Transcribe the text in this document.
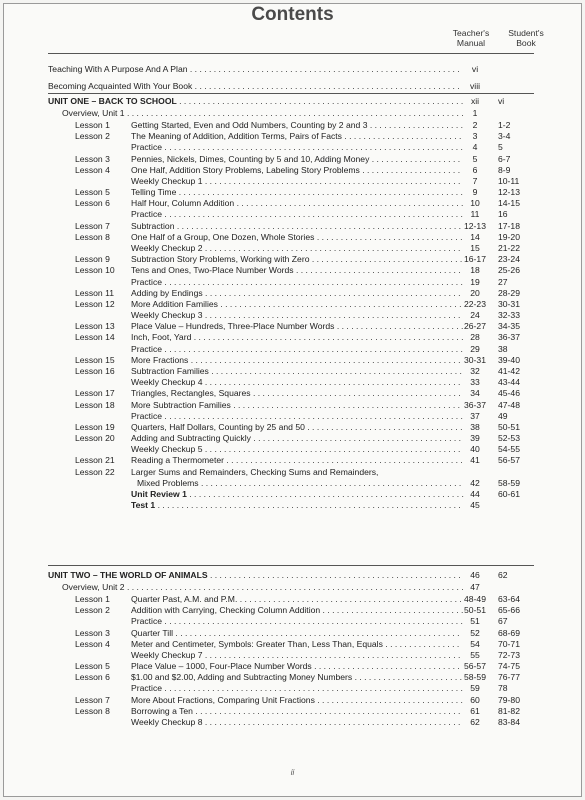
Contents
Teacher's
Manual
Student's
Book
Teaching With A Purpose And A Plan . . . . . . . . . . . . . . . . . . . . . . . . . . . . . . . . . . . . . . . . . . . . . . . . . . . . . . . . .	vi
Becoming Acquainted With Your Book . . . . . . . . . . . . . . . . . . . . . . . . . . . . . . . . . . . . . . . . . . . . . . . . . . . . . . . .	viii
UNIT ONE – BACK TO SCHOOL . . . . . . . . . . . . . . . . . . . . . . . . . . . . . . . . . . . . . . . . . . . . . . . . . . . . . . . . . . . . xii	vi
Overview, Unit 1 . . . . . . . . . . . . . . . . . . . . . . . . . . . . . . . . . . . . . . . . . . . . . . . . . . . . . . . . . . . . . . . . . . . . . . .	1
Lesson 1 Getting Started, Even and Odd Numbers, Counting by 2 and 3 . . . . . . . . . . . . . . . . . . . .	2	1-2
Lesson 2 The Meaning of Addition, Addition Terms, Pairs of Facts . . . . . . . . . . . . . . . . . . . . . . . . .	3	3-4
Practice . . . . . . . . . . . . . . . . . . . . . . . . . . . . . . . . . . . . . . . . . . . . . . . . . . . . . . . . . . . . . . .	4	5
Lesson 3 Pennies, Nickels, Dimes, Counting by 5 and 10, Adding Money . . . . . . . . . . . . . . . . . . .	5	6-7
Lesson 4 One Half, Addition Story Problems, Labeling Story Problems . . . . . . . . . . . . . . . . . . . . .	6	8-9
Weekly Checkup 1 . . . . . . . . . . . . . . . . . . . . . . . . . . . . . . . . . . . . . . . . . . . . . . . . . . . . . .	7	10-11
Lesson 5 Telling Time . . . . . . . . . . . . . . . . . . . . . . . . . . . . . . . . . . . . . . . . . . . . . . . . . . . . . . . . . . . .	9	12-13
Lesson 6 Half Hour, Column Addition . . . . . . . . . . . . . . . . . . . . . . . . . . . . . . . . . . . . . . . . . . . . . . . . 10	14-15
Practice . . . . . . . . . . . . . . . . . . . . . . . . . . . . . . . . . . . . . . . . . . . . . . . . . . . . . . . . . . . . . . . 11	16
Lesson 7 Subtraction . . . . . . . . . . . . . . . . . . . . . . . . . . . . . . . . . . . . . . . . . . . . . . . . . . . . . . . . . . . . 12-13	17-18
Lesson 8 One Half of a Group, One Dozen, Whole Stories . . . . . . . . . . . . . . . . . . . . . . . . . . . . . . . 14	19-20
Weekly Checkup 2 . . . . . . . . . . . . . . . . . . . . . . . . . . . . . . . . . . . . . . . . . . . . . . . . . . . . . .	15	21-22
Lesson 9 Subtraction Story Problems, Working with Zero . . . . . . . . . . . . . . . . . . . . . . . . . . . . . . . . 16-17	23-24
Lesson 10 Tens and Ones, Two-Place Number Words . . . . . . . . . . . . . . . . . . . . . . . . . . . . . . . . . . .	18	25-26
Practice . . . . . . . . . . . . . . . . . . . . . . . . . . . . . . . . . . . . . . . . . . . . . . . . . . . . . . . . . . . . . . . 19	27
Lesson 11 Adding by Endings . . . . . . . . . . . . . . . . . . . . . . . . . . . . . . . . . . . . . . . . . . . . . . . . . . . . . .	20	28-29
Lesson 12 More Addition Families . . . . . . . . . . . . . . . . . . . . . . . . . . . . . . . . . . . . . . . . . . . . . . . . . . . 22-23	30-31
Weekly Checkup 3 . . . . . . . . . . . . . . . . . . . . . . . . . . . . . . . . . . . . . . . . . . . . . . . . . . . . . .	24	32-33
Lesson 13 Place Value – Hundreds, Three-Place Number Words . . . . . . . . . . . . . . . . . . . . . . . . . . . 26-27	34-35
Lesson 14 Inch, Foot, Yard . . . . . . . . . . . . . . . . . . . . . . . . . . . . . . . . . . . . . . . . . . . . . . . . . . . . . . . . . 28	36-37
Practice . . . . . . . . . . . . . . . . . . . . . . . . . . . . . . . . . . . . . . . . . . . . . . . . . . . . . . . . . . . . . . . 29	38
Lesson 15 More Fractions . . . . . . . . . . . . . . . . . . . . . . . . . . . . . . . . . . . . . . . . . . . . . . . . . . . . . . . . . 30-31	39-40
Lesson 16 Subtraction Families . . . . . . . . . . . . . . . . . . . . . . . . . . . . . . . . . . . . . . . . . . . . . . . . . . . . . 32	41-42
Weekly Checkup 4 . . . . . . . . . . . . . . . . . . . . . . . . . . . . . . . . . . . . . . . . . . . . . . . . . . . . . .	33	43-44
Lesson 17 Triangles, Rectangles, Squares . . . . . . . . . . . . . . . . . . . . . . . . . . . . . . . . . . . . . . . . . . . .	34	45-46
Lesson 18 More Subtraction Families . . . . . . . . . . . . . . . . . . . . . . . . . . . . . . . . . . . . . . . . . . . . . . . . 36-37	47-48
Practice . . . . . . . . . . . . . . . . . . . . . . . . . . . . . . . . . . . . . . . . . . . . . . . . . . . . . . . . . . . . . . . 37	49
Lesson 19 Quarters, Half Dollars, Counting by 25 and 50 . . . . . . . . . . . . . . . . . . . . . . . . . . . . . . . . . 38	50-51
Lesson 20 Adding and Subtracting Quickly . . . . . . . . . . . . . . . . . . . . . . . . . . . . . . . . . . . . . . . . . . . .	39	52-53
Weekly Checkup 5 . . . . . . . . . . . . . . . . . . . . . . . . . . . . . . . . . . . . . . . . . . . . . . . . . . . . . .	40	54-55
Lesson 21 Reading a Thermometer . . . . . . . . . . . . . . . . . . . . . . . . . . . . . . . . . . . . . . . . . . . . . . . . . . 41	56-57
Lesson 22 Larger Sums and Remainders, Checking Sums and Remainders,
Mixed Problems . . . . . . . . . . . . . . . . . . . . . . . . . . . . . . . . . . . . . . . . . . . . . . . . . . . . . . .	42	58-59
Unit Review 1 . . . . . . . . . . . . . . . . . . . . . . . . . . . . . . . . . . . . . . . . . . . . . . . . . . . . . . . . . . 44	60-61
Test 1 . . . . . . . . . . . . . . . . . . . . . . . . . . . . . . . . . . . . . . . . . . . . . . . . . . . . . . . . . . . . . . . .	45
UNIT TWO – THE WORLD OF ANIMALS . . . . . . . . . . . . . . . . . . . . . . . . . . . . . . . . . . . . . . . . . . . . . . . . . . . . .	46	62
Overview, Unit 2 . . . . . . . . . . . . . . . . . . . . . . . . . . . . . . . . . . . . . . . . . . . . . . . . . . . . . . . . . . . . . . . . . . . . . . . 47
Lesson 1 Quarter Past, A.M. and P.M. . . . . . . . . . . . . . . . . . . . . . . . . . . . . . . . . . . . . . . . . . . . . . . . 48-49	63-64
Lesson 2 Addition with Carrying, Checking Column Addition . . . . . . . . . . . . . . . . . . . . . . . . . . . . . . 50-51	65-66
Practice . . . . . . . . . . . . . . . . . . . . . . . . . . . . . . . . . . . . . . . . . . . . . . . . . . . . . . . . . . . . . . . 51	67
Lesson 3 Quarter Till . . . . . . . . . . . . . . . . . . . . . . . . . . . . . . . . . . . . . . . . . . . . . . . . . . . . . . . . . . . .	52	68-69
Lesson 4 Meter and Centimeter, Symbols: Greater Than, Less Than, Equals . . . . . . . . . . . . . . . .	54	70-71
Weekly Checkup 7 . . . . . . . . . . . . . . . . . . . . . . . . . . . . . . . . . . . . . . . . . . . . . . . . . . . . . .	55	72-73
Lesson 5 Place Value – 1000, Four-Place Number Words . . . . . . . . . . . . . . . . . . . . . . . . . . . . . . . 56-57	74-75
Lesson 6 $1.00 and $2.00, Adding and Subtracting Money Numbers . . . . . . . . . . . . . . . . . . . . . . . 58-59	76-77
Practice . . . . . . . . . . . . . . . . . . . . . . . . . . . . . . . . . . . . . . . . . . . . . . . . . . . . . . . . . . . . . . . 59	78
Lesson 7 More About Fractions, Comparing Unit Fractions . . . . . . . . . . . . . . . . . . . . . . . . . . . . . . . 60	79-80
Lesson 8 Borrowing a Ten . . . . . . . . . . . . . . . . . . . . . . . . . . . . . . . . . . . . . . . . . . . . . . . . . . . . . . . .	61	81-82
Weekly Checkup 8 . . . . . . . . . . . . . . . . . . . . . . . . . . . . . . . . . . . . . . . . . . . . . . . . . . . . . .	62	83-84
ii
